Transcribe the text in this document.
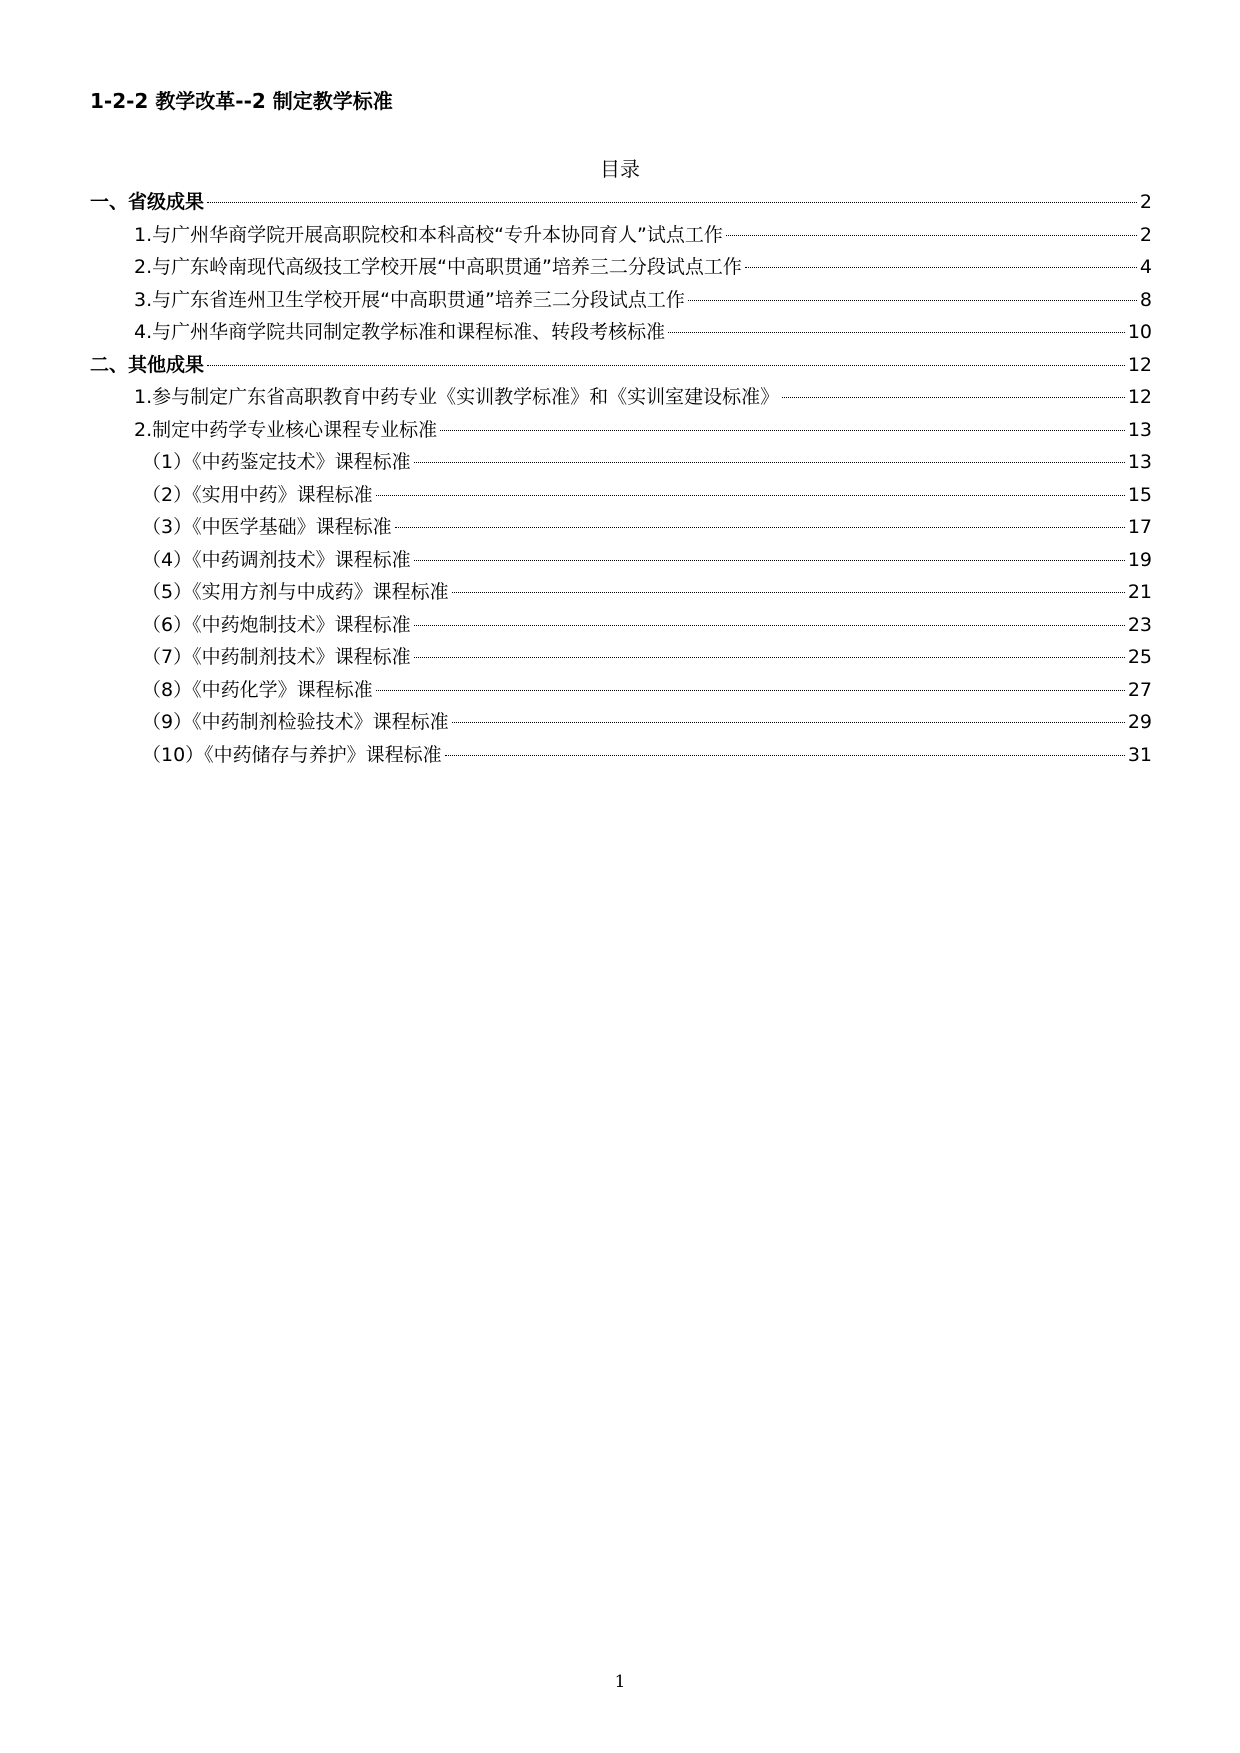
1-2-2 教学改革--2 制定教学标准
目录
一、省级成果	2
1.与广州华商学院开展高职院校和本科高校“专升本协同育人”试点工作	2
2.与广东岭南现代高级技工学校开展“中高职贯通”培养三二分段试点工作	4
3.与广东省连州卫生学校开展“中高职贯通”培养三二分段试点工作	8
4.与广州华商学院共同制定教学标准和课程标准、转段考核标准	10
二、其他成果	12
1.参与制定广东省高职教育中药专业《实训教学标准》和《实训室建设标准》	12
2.制定中药学专业核心课程专业标准	13
（1）《中药鉴定技术》课程标准	13
（2）《实用中药》课程标准	15
（3）《中医学基础》课程标准	17
（4）《中药调剂技术》课程标准	19
（5）《实用方剂与中成药》课程标准	21
（6）《中药炮制技术》课程标准	23
（7）《中药制剂技术》课程标准	25
（8）《中药化学》课程标准	27
（9）《中药制剂检验技术》课程标准	29
（10）《中药储存与养护》课程标准	31
1
